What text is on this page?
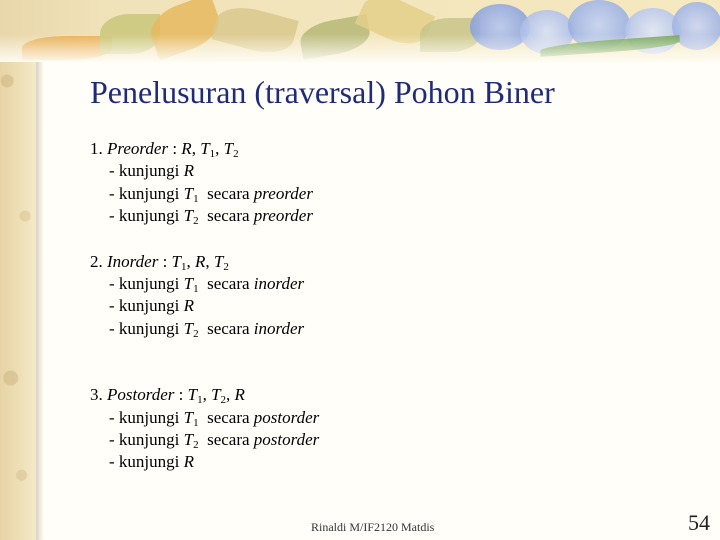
Penelusuran (traversal) Pohon Biner
1. Preorder : R, $T_1$, $T_2$
- kunjungi R
- kunjungi $T_1$  secara preorder
- kunjungi $T_2$  secara preorder
2. Inorder : $T_1$, R, $T_2$
- kunjungi $T_1$  secara inorder
- kunjungi R
- kunjungi $T_2$  secara inorder
3. Postorder : $T_1$, $T_2$, R
- kunjungi $T_1$  secara postorder
- kunjungi $T_2$  secara postorder
- kunjungi R
Rinaldi M/IF2120 Matdis	54
